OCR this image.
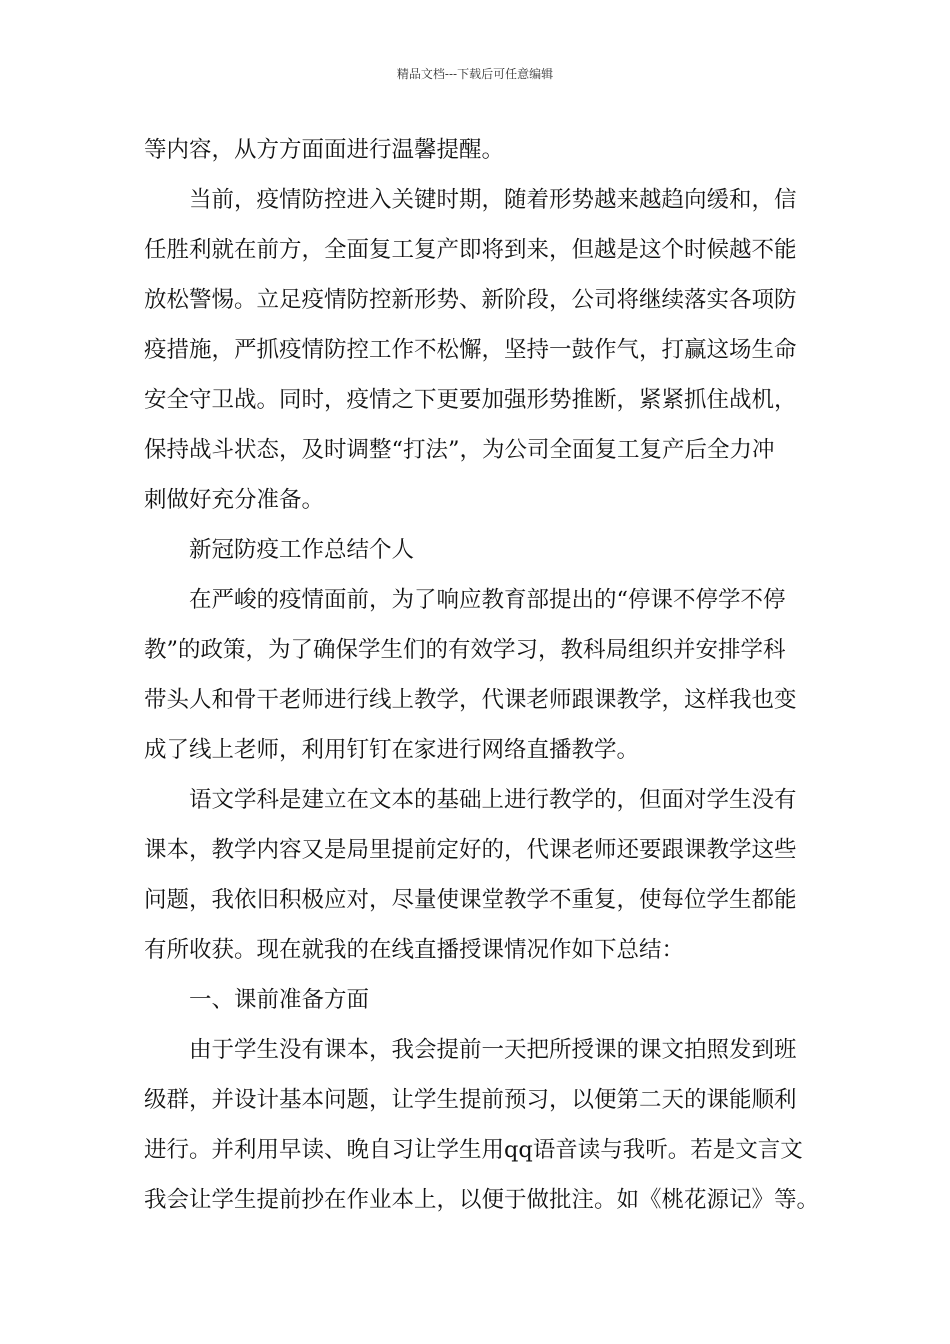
精品文档---下载后可任意编辑
等内容，从方方面面进行温馨提醒。
当前，疫情防控进入关键时期，随着形势越来越趋向缓和，信
任胜利就在前方，全面复工复产即将到来，但越是这个时候越不能
放松警惕。立足疫情防控新形势、新阶段，公司将继续落实各项防
疫措施，严抓疫情防控工作不松懈，坚持一鼓作气，打赢这场生命
安全守卫战。同时，疫情之下更要加强形势推断，紧紧抓住战机，
保持战斗状态，及时调整“打法”，为公司全面复工复产后全力冲
刺做好充分准备。
新冠防疫工作总结个人
在严峻的疫情面前，为了响应教育部提出的“停课不停学不停
教”的政策，为了确保学生们的有效学习，教科局组织并安排学科
带头人和骨干老师进行线上教学，代课老师跟课教学，这样我也变
成了线上老师，利用钉钉在家进行网络直播教学。
语文学科是建立在文本的基础上进行教学的，但面对学生没有
课本，教学内容又是局里提前定好的，代课老师还要跟课教学这些
问题，我依旧积极应对，尽量使课堂教学不重复，使每位学生都能
有所收获。现在就我的在线直播授课情况作如下总结：
一、课前准备方面
由于学生没有课本，我会提前一天把所授课的课文拍照发到班
级群，并设计基本问题，让学生提前预习，以便第二天的课能顺利
进行。并利用早读、晚自习让学生用qq语音读与我听。若是文言文
我会让学生提前抄在作业本上，以便于做批注。如《桃花源记》等。
